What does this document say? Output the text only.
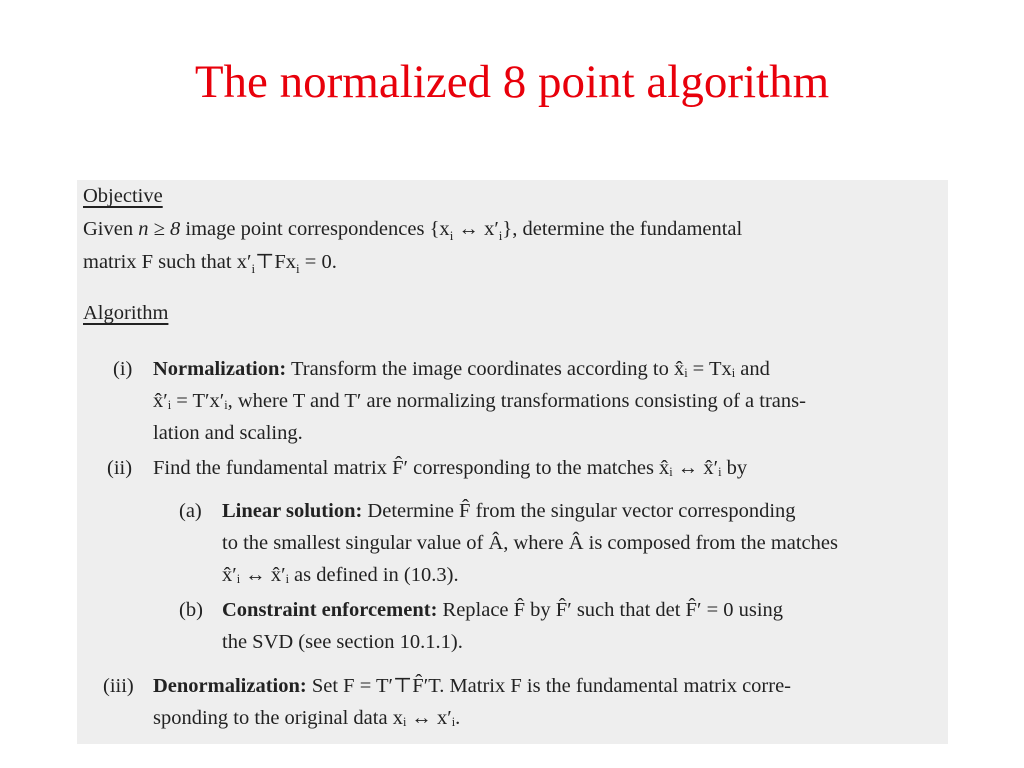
The normalized 8 point algorithm
Objective
Given n ≥ 8 image point correspondences {$x_i$ ↔ $x'_i$}, determine the fundamental
matrix F such that $x'_i⊤Fx_i = 0$.
Algorithm
(i) Normalization: Transform the image coordinates according to x̂ᵢ = Txᵢ and
x̂′ᵢ = T′x′ᵢ, where T and T′ are normalizing transformations consisting of a trans-
lation and scaling.
(ii) Find the fundamental matrix F̂′ corresponding to the matches x̂ᵢ ↔ x̂′ᵢ by
(a) Linear solution: Determine F̂ from the singular vector corresponding
to the smallest singular value of Â, where Â is composed from the matches
x̂′ᵢ ↔ x̂′ᵢ as defined in (10.3).
(b) Constraint enforcement: Replace F̂ by F̂′ such that det F̂′ = 0 using
the SVD (see section 10.1.1).
(iii) Denormalization: Set F = T′⊤F̂′T. Matrix F is the fundamental matrix corre-
sponding to the original data xᵢ ↔ x′ᵢ.
